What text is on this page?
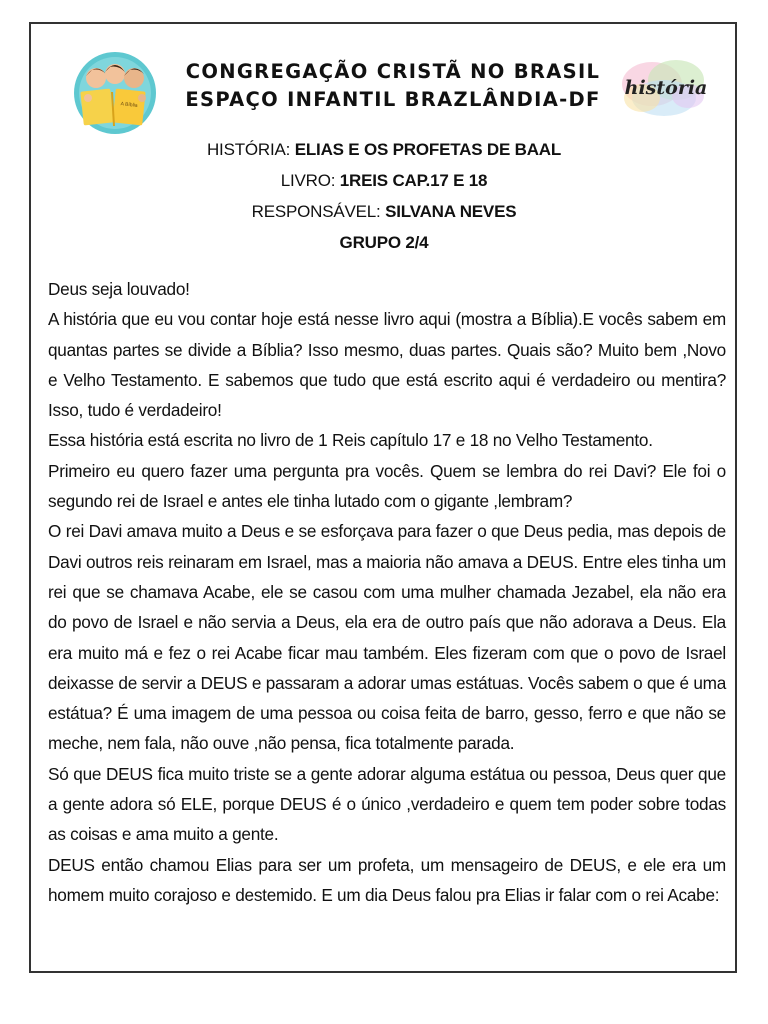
A Bíblia
CONGREGAÇÃO CRISTÃ NO BRASIL
ESPAÇO INFANTIL BRAZLÂNDIA-DF	história
HISTÓRIA: ELIAS E OS PROFETAS DE BAAL
LIVRO: 1REIS CAP.17 E 18
RESPONSÁVEL: SILVANA NEVES
GRUPO 2/4

Deus seja louvado!

A história que eu vou contar hoje está nesse livro aqui (mostra a Bíblia).E vocês sabem em quantas partes se divide a Bíblia? Isso mesmo, duas partes. Quais são? Muito bem ,Novo e Velho Testamento. E sabemos que tudo que está escrito aqui é verdadeiro ou mentira? Isso, tudo é verdadeiro!

Essa história está escrita no livro de 1 Reis capítulo 17 e 18 no Velho Testamento.

Primeiro eu quero fazer uma pergunta pra vocês. Quem se lembra do rei Davi? Ele foi o segundo rei de Israel e antes ele tinha lutado com o gigante ,lembram?

O rei Davi amava muito a Deus e se esforçava para fazer o que Deus pedia, mas depois de Davi outros reis reinaram em Israel, mas a maioria não amava a DEUS. Entre eles tinha um rei que se chamava Acabe, ele se casou com uma mulher chamada Jezabel, ela não era do povo de Israel e não servia a Deus, ela era de outro país que não adorava a Deus. Ela era muito má e fez o rei Acabe ficar mau também. Eles fizeram com que o povo de Israel deixasse de servir a DEUS e passaram a adorar umas estátuas. Vocês sabem o que é uma estátua? É uma imagem de uma pessoa ou coisa feita de barro, gesso, ferro e que não se meche, nem fala, não ouve ,não pensa, fica totalmente parada.

Só que DEUS fica muito triste se a gente adorar alguma estátua ou pessoa, Deus quer que a gente adora só ELE, porque DEUS é o único ,verdadeiro e quem tem poder sobre todas as coisas e ama muito a gente.

DEUS então chamou Elias para ser um profeta, um mensageiro de DEUS, e ele era um homem muito corajoso e destemido. E um dia Deus falou pra Elias ir falar com o rei Acabe:
